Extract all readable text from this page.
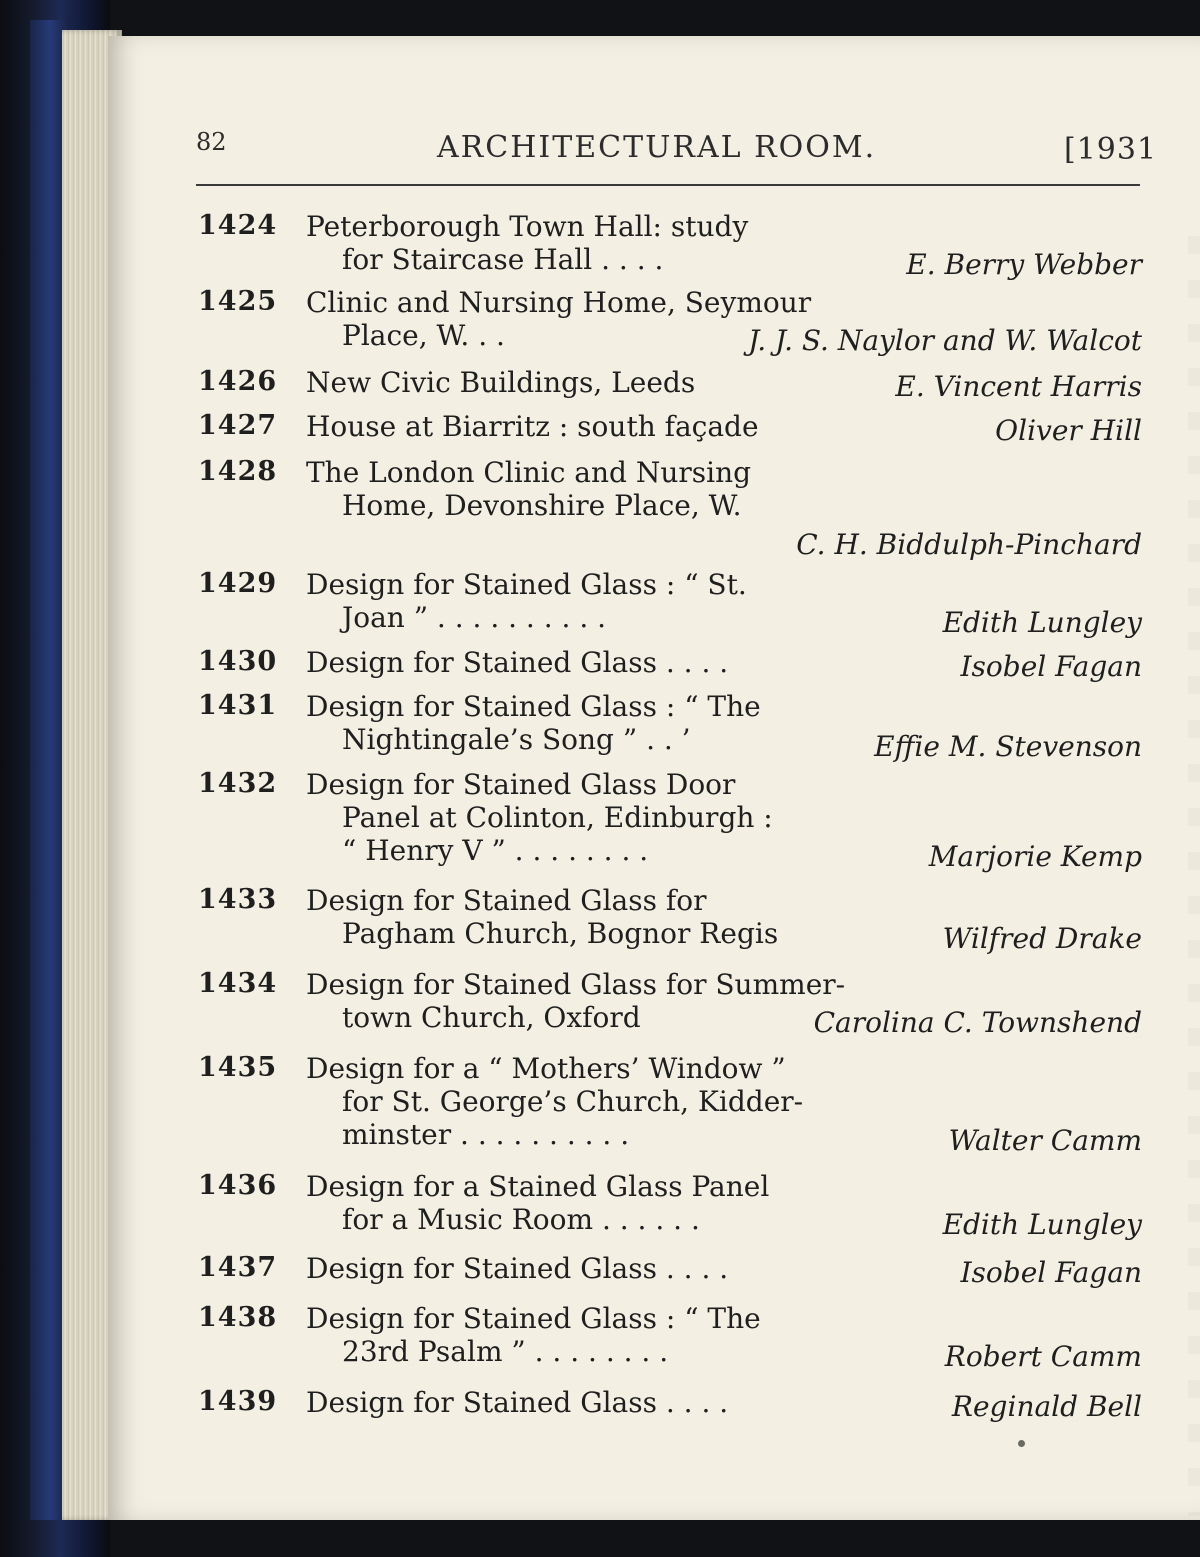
82	ARCHITECTURAL ROOM.	[1931
1424 Peterborough Town Hall: study
for Staircase Hall . . . .	E. Berry Webber
1425 Clinic and Nursing Home, Seymour
Place, W. . .	J. J. S. Naylor and W. Walcot
1426 New Civic Buildings, Leeds	E. Vincent Harris
1427 House at Biarritz : south façade	Oliver Hill
1428 The London Clinic and Nursing
Home, Devonshire Place, W.
C. H. Biddulph-Pinchard
1429 Design for Stained Glass : “ St.
Joan ” . . . . . . . . . .	Edith Lungley
1430 Design for Stained Glass . . . .	Isobel Fagan
1431 Design for Stained Glass : “ The
Nightingale’s Song ” . . ’	Effie M. Stevenson
1432 Design for Stained Glass Door
Panel at Colinton, Edinburgh :
“ Henry V ” . . . . . . . .	Marjorie Kemp
1433 Design for Stained Glass for
Pagham Church, Bognor Regis	Wilfred Drake
1434 Design for Stained Glass for Summer-
town Church, Oxford	Carolina C. Townshend
1435 Design for a “ Mothers’ Window ”
for St. George’s Church, Kidder-
minster . . . . . . . . . .	Walter Camm
1436 Design for a Stained Glass Panel
for a Music Room . . . . . .	Edith Lungley
1437 Design for Stained Glass . . . .	Isobel Fagan
1438 Design for Stained Glass : “ The
23rd Psalm ” . . . . . . . .	Robert Camm
1439 Design for Stained Glass . . . .	Reginald Bell
